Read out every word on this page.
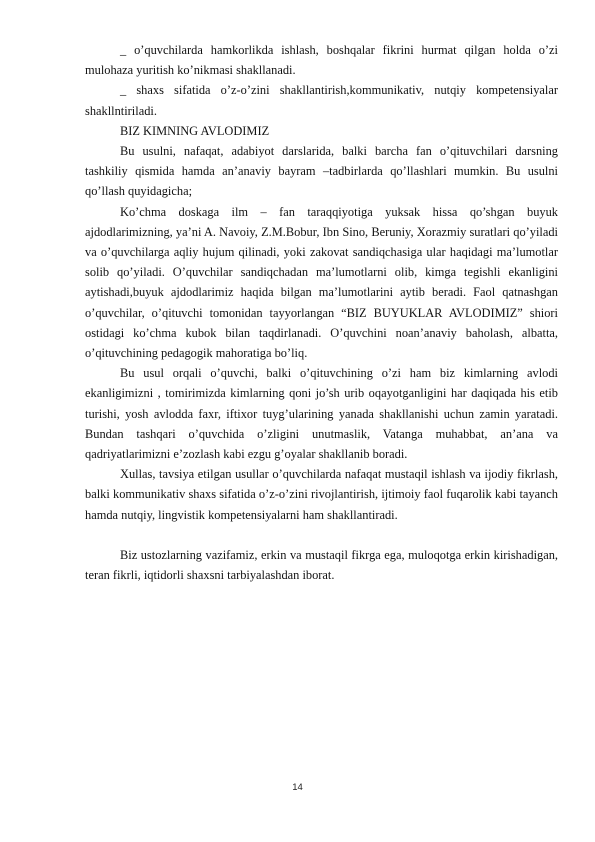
_ o’quvchilarda hamkorlikda ishlash, boshqalar fikrini hurmat qilgan holda o’zi mulohaza yuritish ko’nikmasi shakllanadi.

_ shaxs sifatida o’z-o’zini shakllantirish,kommunikativ, nutqiy kompetensiyalar shakllntiriladi.

BIZ KIMNING AVLODIMIZ

Bu usulni, nafaqat, adabiyot darslarida, balki barcha fan o’qituvchilari darsning tashkiliy qismida hamda an’anaviy bayram –tadbirlarda qo’llashlari mumkin. Bu usulni qo’llash quyidagicha;

Ko’chma doskaga ilm – fan taraqqiyotiga yuksak hissa qo’shgan buyuk ajdodlarimizning, ya’ni A. Navoiy, Z.M.Bobur, Ibn Sino, Beruniy, Xorazmiy suratlari qo’yiladi va o’quvchilarga aqliy hujum qilinadi, yoki zakovat sandiqchasiga ular haqidagi ma’lumotlar solib qo’yiladi. O’quvchilar sandiqchadan ma’lumotlarni olib, kimga tegishli ekanligini aytishadi,buyuk ajdodlarimiz haqida bilgan ma’lumotlarini aytib beradi. Faol qatnashgan o’quvchilar, o’qituvchi tomonidan tayyorlangan “BIZ BUYUKLAR AVLODIMIZ” shiori ostidagi ko’chma kubok bilan taqdirlanadi. O’quvchini noan’anaviy baholash, albatta, o’qituvchining pedagogik mahoratiga bo’liq.

Bu usul orqali o’quvchi, balki o’qituvchining o’zi ham biz kimlarning avlodi ekanligimizni , tomirimizda kimlarning qoni jo’sh urib oqayotganligini har daqiqada his etib turishi, yosh avlodda faxr, iftixor tuyg’ularining yanada shakllanishi uchun zamin yaratadi. Bundan tashqari o’quvchida o’zligini unutmaslik, Vatanga muhabbat, an’ana va qadriyatlarimizni e’zozlash kabi ezgu g’oyalar shakllanib boradi.

Xullas, tavsiya etilgan usullar o’quvchilarda nafaqat mustaqil ishlash va ijodiy fikrlash, balki kommunikativ shaxs sifatida o’z-o’zini rivojlantirish, ijtimoiy faol fuqarolik kabi tayanch hamda nutqiy, lingvistik kompetensiyalarni ham shakllantiradi.

Biz ustozlarning vazifamiz, erkin va mustaqil fikrga ega, muloqotga erkin kirishadigan, teran fikrli, iqtidorli shaxsni tarbiyalashdan iborat.

14
